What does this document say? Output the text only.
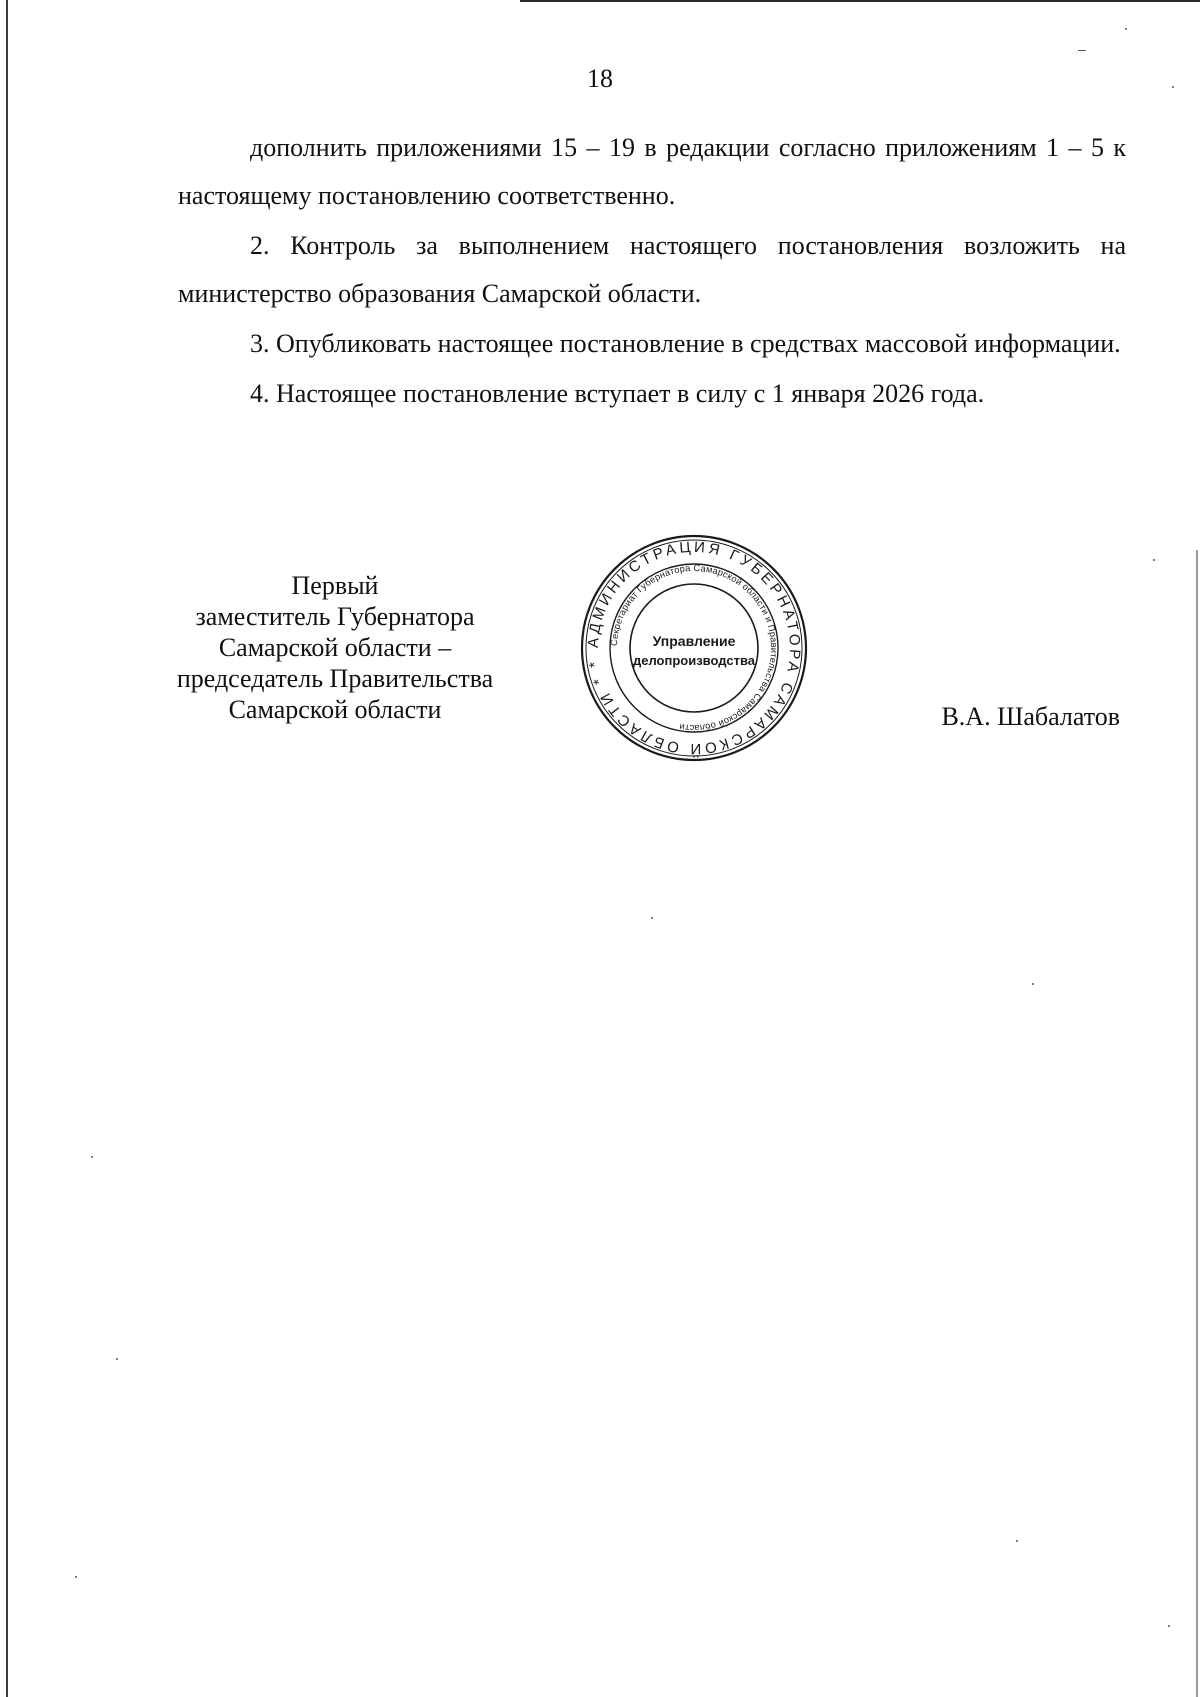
18

дополнить приложениями 15 – 19 в редакции согласно приложениям 1 – 5 к настоящему постановлению соответственно.

2. Контроль за выполнением настоящего постановления возложить на министерство образования Самарской области.

3. Опубликовать настоящее постановление в средствах массовой информации.

4. Настоящее постановление вступает в силу с 1 января 2026 года.

Первый
заместитель Губернатора
Самарской области –
председатель Правительства
Самарской области
АДМИНИСТРАЦИЯ ГУБЕРНАТОРА САМАРСКОЙ ОБЛАСТИ * *
Секретариат Губернатора Самарской области и Правительства Самарской области
Управление
делопроизводства
В.А. Шабалатов
